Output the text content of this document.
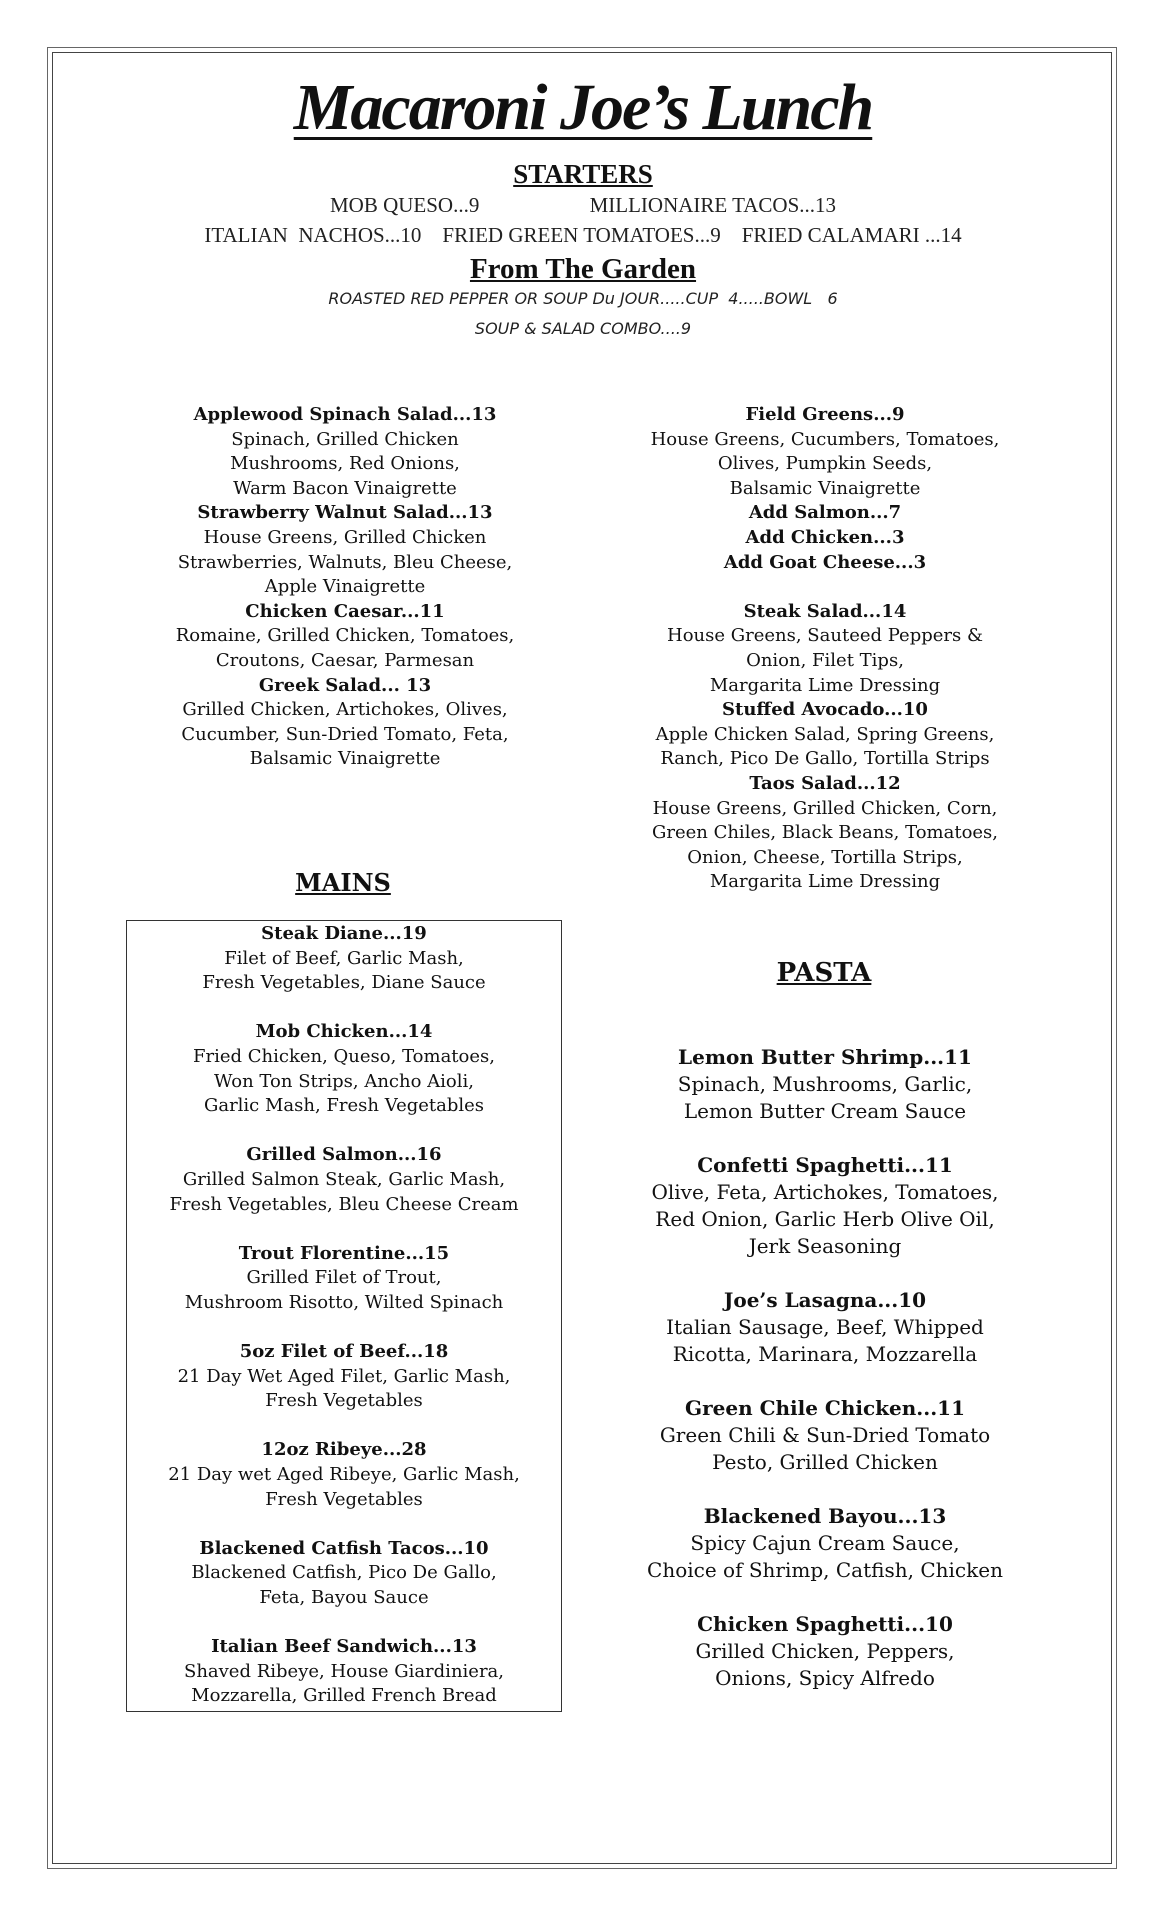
Macaroni Joe’s Lunch
STARTERS
MOB QUESO...9	MILLIONAIRE TACOS...13
ITALIAN  NACHOS...10 FRIED GREEN TOMATOES...9 FRIED CALAMARI ...14
From The Garden
ROASTED RED PEPPER OR SOUP Du JOUR.....CUP  4.....BOWL   6
SOUP & SALAD COMBO....9
Applewood Spinach Salad...13
Spinach, Grilled Chicken
Mushrooms, Red Onions,
Warm Bacon Vinaigrette
Strawberry Walnut Salad...13
House Greens, Grilled Chicken
Strawberries, Walnuts, Bleu Cheese,
Apple Vinaigrette
Chicken Caesar...11
Romaine, Grilled Chicken, Tomatoes,
Croutons, Caesar, Parmesan
Greek Salad... 13
Grilled Chicken, Artichokes, Olives,
Cucumber, Sun-Dried Tomato, Feta,
Balsamic Vinaigrette
Field Greens...9
House Greens, Cucumbers, Tomatoes,
Olives, Pumpkin Seeds,
Balsamic Vinaigrette
Add Salmon...7
Add Chicken...3
Add Goat Cheese...3
Steak Salad...14
House Greens, Sauteed Peppers &
Onion, Filet Tips,
Margarita Lime Dressing
Stuffed Avocado...10
Apple Chicken Salad, Spring Greens,
Ranch, Pico De Gallo, Tortilla Strips
Taos Salad...12
House Greens, Grilled Chicken, Corn,
Green Chiles, Black Beans, Tomatoes,
Onion, Cheese, Tortilla Strips,
Margarita Lime Dressing
MAINS
Steak Diane...19
Filet of Beef, Garlic Mash,
Fresh Vegetables, Diane Sauce
Mob Chicken...14
Fried Chicken, Queso, Tomatoes,
Won Ton Strips, Ancho Aioli,
Garlic Mash, Fresh Vegetables
Grilled Salmon...16
Grilled Salmon Steak, Garlic Mash,
Fresh Vegetables, Bleu Cheese Cream
Trout Florentine...15
Grilled Filet of Trout,
Mushroom Risotto, Wilted Spinach
5oz Filet of Beef...18
21 Day Wet Aged Filet, Garlic Mash,
Fresh Vegetables
12oz Ribeye...28
21 Day wet Aged Ribeye, Garlic Mash,
Fresh Vegetables
Blackened Catfish Tacos...10
Blackened Catfish, Pico De Gallo,
Feta, Bayou Sauce
Italian Beef Sandwich...13
Shaved Ribeye, House Giardiniera,
Mozzarella, Grilled French Bread
PASTA
Lemon Butter Shrimp...11
Spinach, Mushrooms, Garlic,
Lemon Butter Cream Sauce
Confetti Spaghetti...11
Olive, Feta, Artichokes, Tomatoes,
Red Onion, Garlic Herb Olive Oil,
Jerk Seasoning
Joe’s Lasagna...10
Italian Sausage, Beef, Whipped
Ricotta, Marinara, Mozzarella
Green Chile Chicken...11
Green Chili & Sun-Dried Tomato
Pesto, Grilled Chicken
Blackened Bayou...13
Spicy Cajun Cream Sauce,
Choice of Shrimp, Catfish, Chicken
Chicken Spaghetti...10
Grilled Chicken, Peppers,
Onions, Spicy Alfredo
